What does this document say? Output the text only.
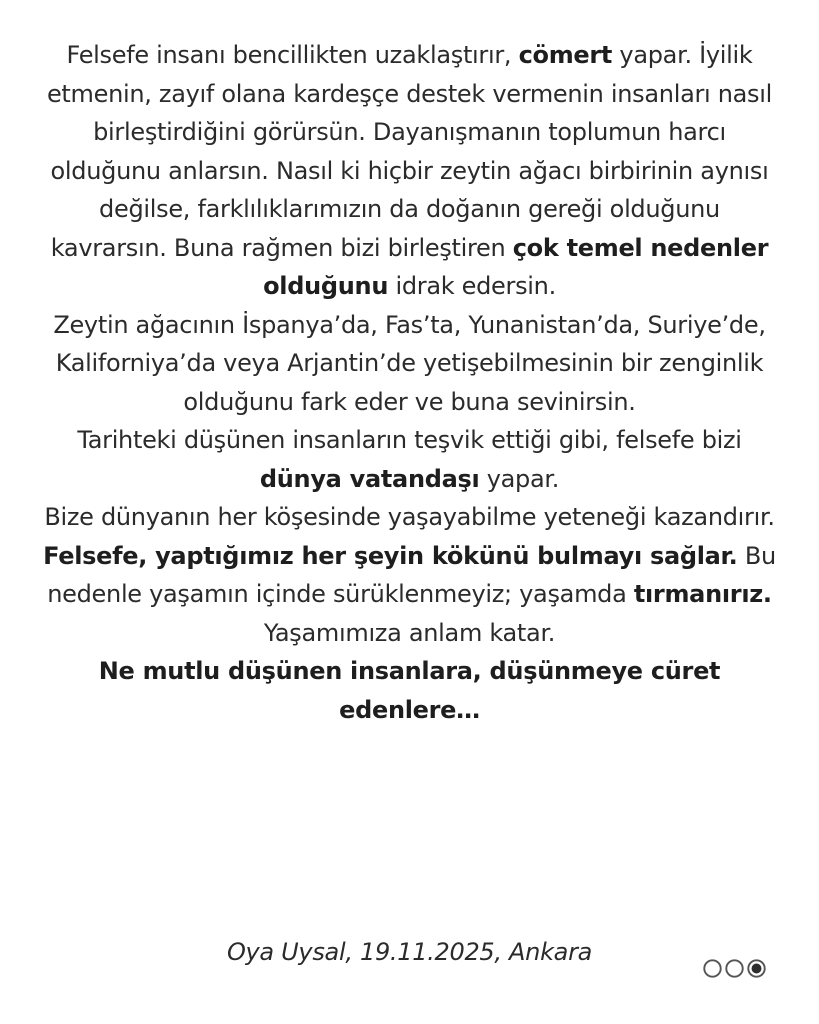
Felsefe insanı bencillikten uzaklaştırır, cömert yapar. İyilik etmenin, zayıf olana kardeşçe destek vermenin insanları nasıl birleştirdiğini görürsün. Dayanışmanın toplumun harcı olduğunu anlarsın. Nasıl ki hiçbir zeytin ağacı birbirinin aynısı değilse, farklılıklarımızın da doğanın gereği olduğunu kavrarsın. Buna rağmen bizi birleştiren çok temel nedenler olduğunu idrak edersin.

Zeytin ağacının İspanya’da, Fas’ta, Yunanistan’da, Suriye’de, Kaliforniya’da veya Arjantin’de yetişebilmesinin bir zenginlik olduğunu fark eder ve buna sevinirsin.

Tarihteki düşünen insanların teşvik ettiği gibi, felsefe bizi dünya vatandaşı yapar.

Bize dünyanın her köşesinde yaşayabilme yeteneği kazandırır.

Felsefe, yaptığımız her şeyin kökünü bulmayı sağlar. Bu nedenle yaşamın içinde sürüklenmeyiz; yaşamda tırmanırız.

Yaşamımıza anlam katar.

Ne mutlu düşünen insanlara, düşünmeye cüret edenlere…

Oya Uysal, 19.11.2025, Ankara
